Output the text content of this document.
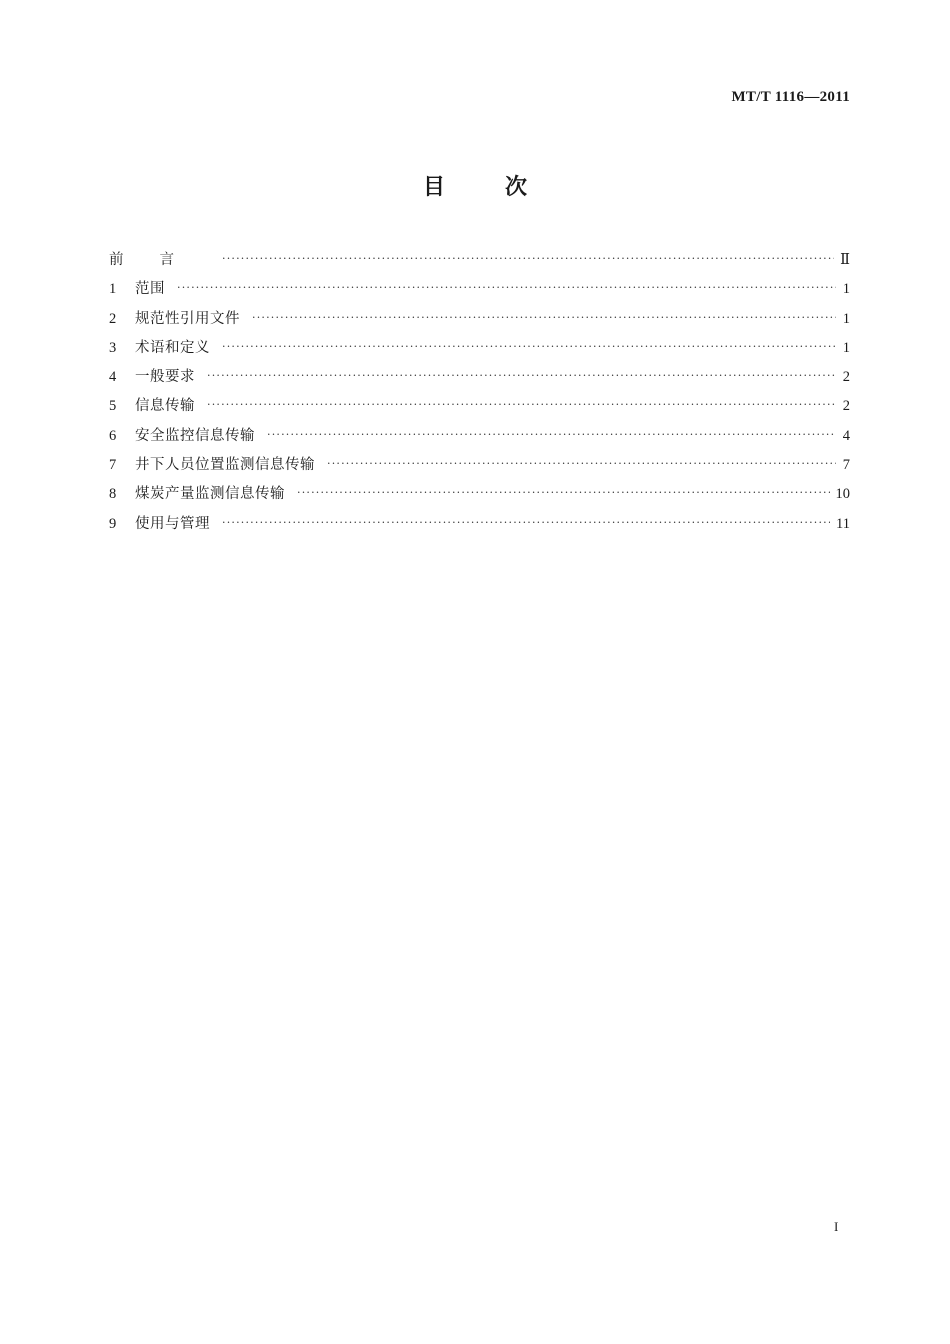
MT/T 1116—2011
目	次
前言 ·····	Ⅱ
1	范围 ·····	1
2	规范性引用文件 ·····	1
3	术语和定义 ·····	1
4	一般要求 ·····	2
5	信息传输 ·····	2
6	安全监控信息传输 ·····	4
7	井下人员位置监测信息传输 ·····	7
8	煤炭产量监测信息传输 ·····	10
9	使用与管理 ·····	11
I
